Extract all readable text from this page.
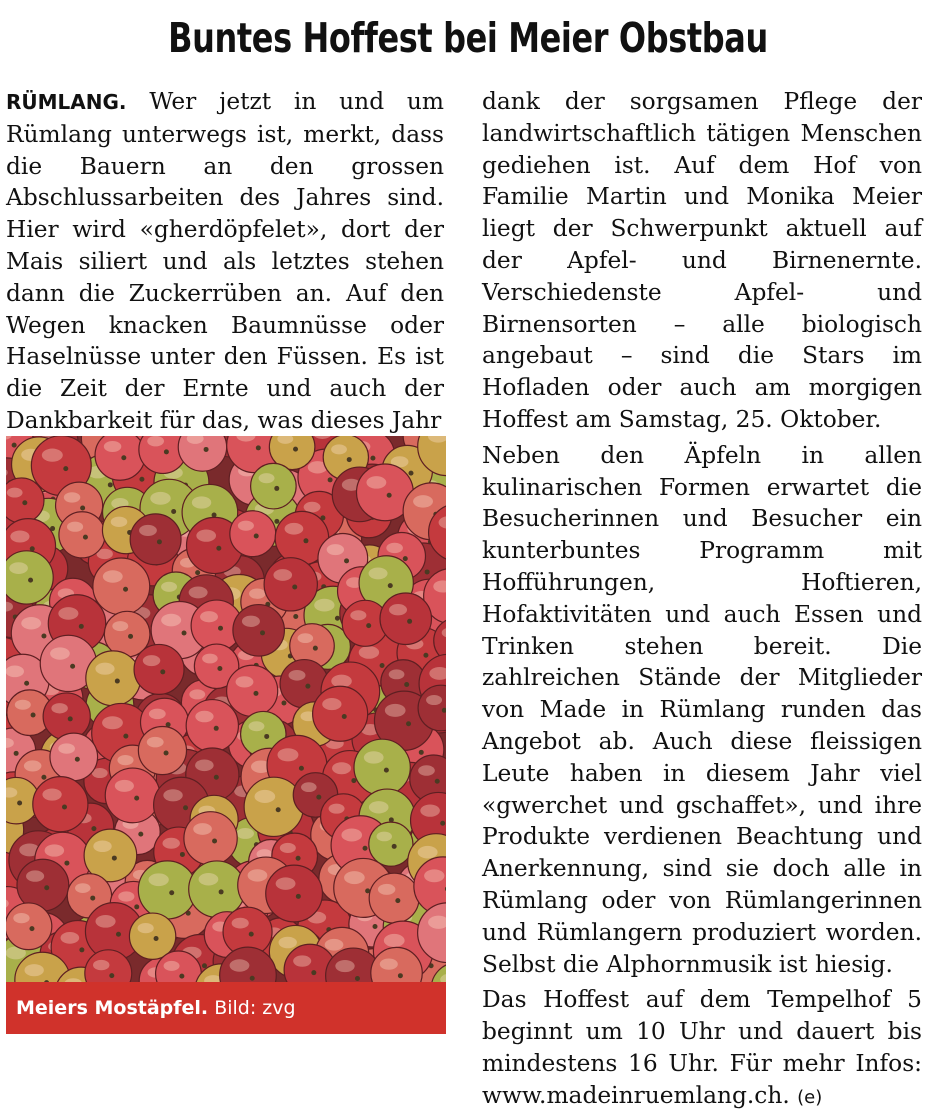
Buntes Hoffest bei Meier Obstbau

RÜMLANG. Wer jetzt in und um Rümlang unterwegs ist, merkt, dass die Bauern an den grossen Abschlussarbeiten des Jahres sind. Hier wird «gherdöpfelet», dort der Mais siliert und als letztes stehen dann die Zuckerrüben an. Auf den Wegen knacken Baumnüsse oder Haselnüsse unter den Füssen. Es ist die Zeit der Ernte und auch der Dankbarkeit für das, was dieses Jahr

Meiers Mostäpfel. Bild: zvg

dank der sorgsamen Pflege der landwirtschaftlich tätigen Menschen gediehen ist. Auf dem Hof von Familie Martin und Monika Meier liegt der Schwerpunkt aktuell auf der Apfel- und Birnenernte. Verschiedenste Apfel- und Birnensorten – alle biologisch angebaut – sind die Stars im Hofladen oder auch am morgigen Hoffest am Samstag, 25. Oktober.

Neben den Äpfeln in allen kulinarischen Formen erwartet die Besucherinnen und Besucher ein kunterbuntes Programm mit Hofführungen, Hoftieren, Hofaktivitäten und auch Essen und Trinken stehen bereit. Die zahlreichen Stände der Mitglieder von Made in Rümlang runden das Angebot ab. Auch diese fleissigen Leute haben in diesem Jahr viel «gwerchet und gschaffet», und ihre Produkte verdienen Beachtung und Anerkennung, sind sie doch alle in Rümlang oder von Rümlangerinnen und Rümlangern produziert worden. Selbst die Alphornmusik ist hiesig.

Das Hoffest auf dem Tempelhof 5 beginnt um 10 Uhr und dauert bis mindestens 16 Uhr. Für mehr Infos: www.madeinruemlang.ch. (e)
